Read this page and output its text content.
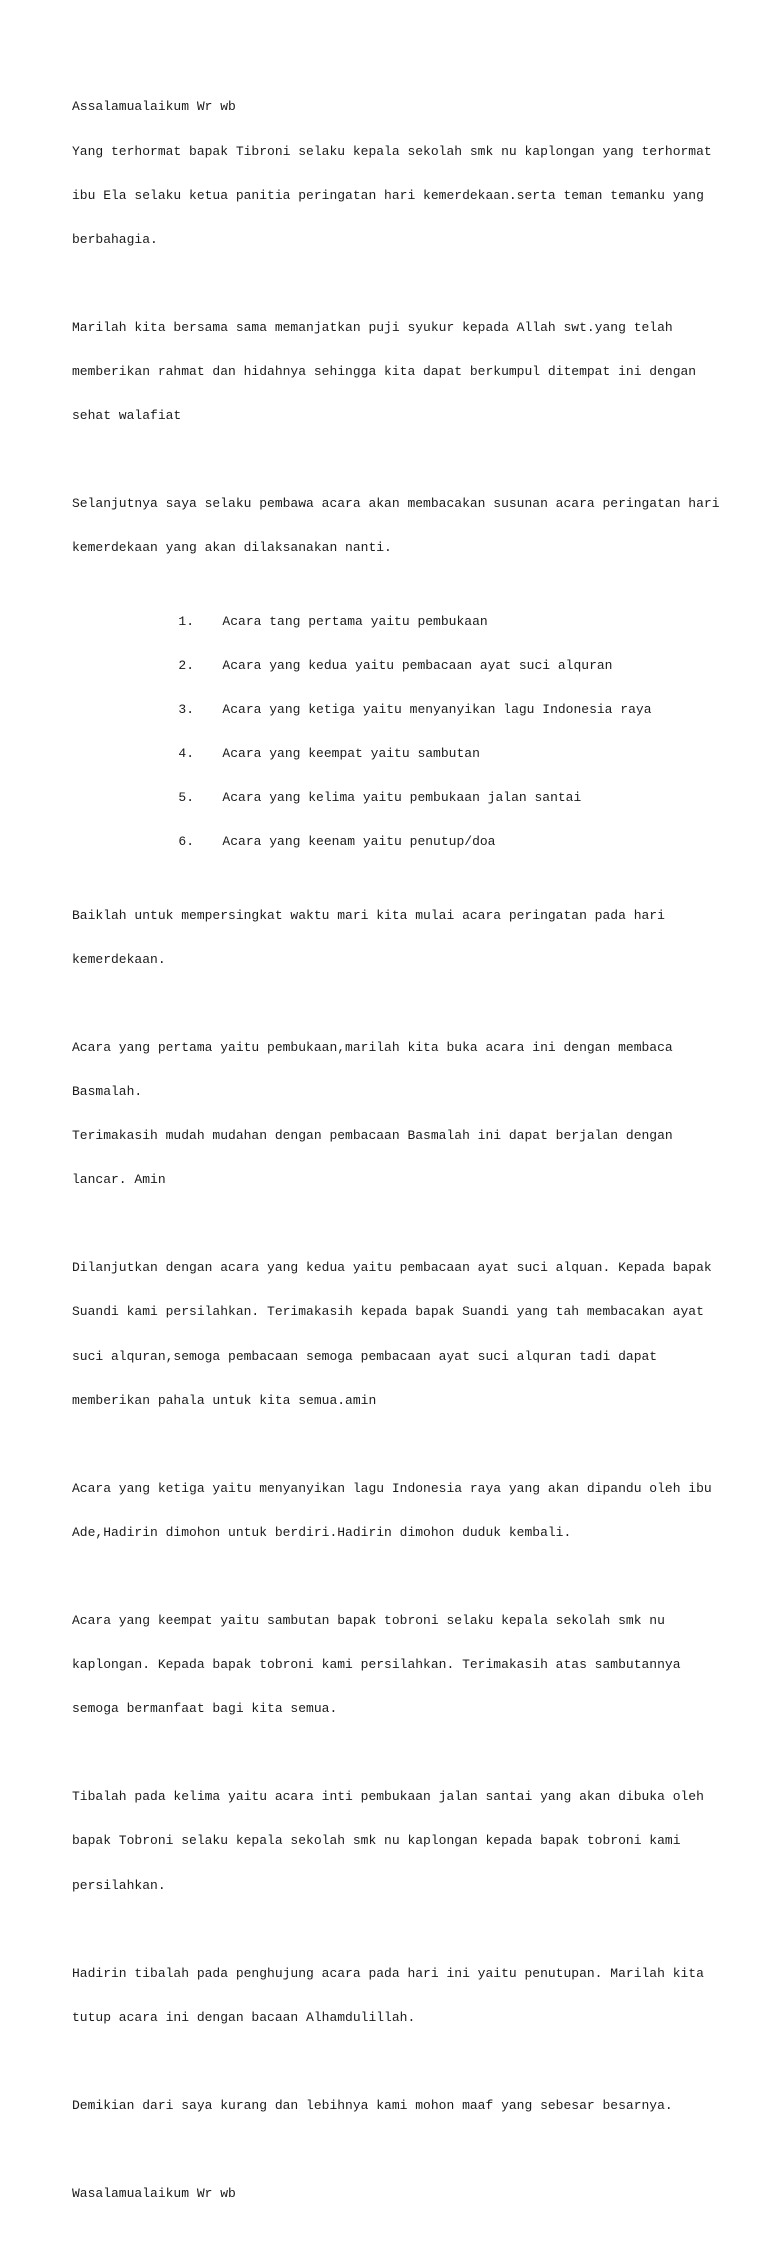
Assalamualaikum Wr wb

Yang terhormat bapak Tibroni selaku kepala sekolah smk nu kaplongan yang terhormat

ibu Ela selaku ketua panitia peringatan hari kemerdekaan.serta teman temanku yang

berbahagia.

Marilah kita bersama sama memanjatkan puji syukur kepada Allah swt.yang telah

memberikan rahmat dan hidahnya sehingga kita dapat berkumpul ditempat ini dengan

sehat walafiat

Selanjutnya saya selaku pembawa acara akan membacakan susunan acara peringatan hari

kemerdekaan yang akan dilaksanakan nanti.

1. Acara tang pertama yaitu pembukaan

2. Acara yang kedua yaitu pembacaan ayat suci alquran

3. Acara yang ketiga yaitu menyanyikan lagu Indonesia raya

4. Acara yang keempat yaitu sambutan

5. Acara yang kelima yaitu pembukaan jalan santai

6. Acara yang keenam yaitu penutup/doa

Baiklah untuk mempersingkat waktu mari kita mulai acara peringatan pada hari

kemerdekaan.

Acara yang pertama yaitu pembukaan,marilah kita buka acara ini dengan membaca

Basmalah.

Terimakasih mudah mudahan dengan pembacaan Basmalah ini dapat berjalan dengan

lancar. Amin

Dilanjutkan dengan acara yang kedua yaitu pembacaan ayat suci alquan. Kepada bapak

Suandi kami persilahkan. Terimakasih kepada bapak Suandi yang tah membacakan ayat

suci alquran,semoga pembacaan semoga pembacaan ayat suci alquran tadi dapat

memberikan pahala untuk kita semua.amin

Acara yang ketiga yaitu menyanyikan lagu Indonesia raya yang akan dipandu oleh ibu

Ade,Hadirin dimohon untuk berdiri.Hadirin dimohon duduk kembali.

Acara yang keempat yaitu sambutan bapak tobroni selaku kepala sekolah smk nu

kaplongan. Kepada bapak tobroni kami persilahkan. Terimakasih atas sambutannya

semoga bermanfaat bagi kita semua.

Tibalah pada kelima yaitu acara inti pembukaan jalan santai yang akan dibuka oleh

bapak Tobroni selaku kepala sekolah smk nu kaplongan kepada bapak tobroni kami

persilahkan.

Hadirin tibalah pada penghujung acara pada hari ini yaitu penutupan. Marilah kita

tutup acara ini dengan bacaan Alhamdulillah.

Demikian dari saya kurang dan lebihnya kami mohon maaf yang sebesar besarnya.

Wasalamualaikum Wr wb
